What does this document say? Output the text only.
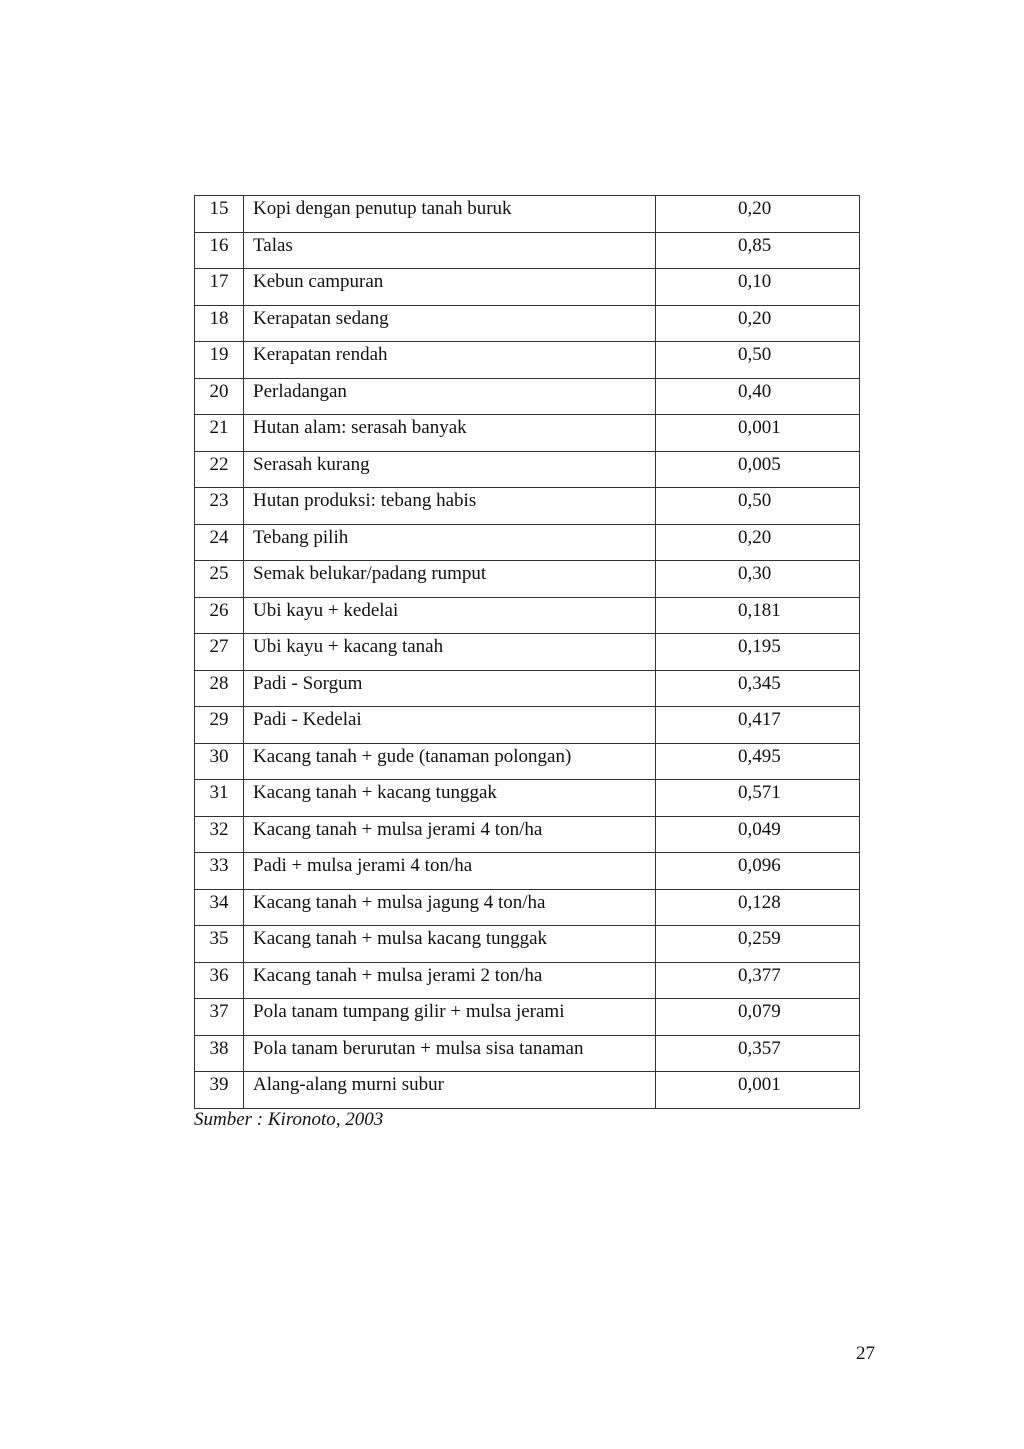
15	Kopi dengan penutup tanah buruk	0,20
16	Talas	0,85
17	Kebun campuran	0,10
18	Kerapatan sedang	0,20
19	Kerapatan rendah	0,50
20	Perladangan	0,40
21	Hutan alam: serasah banyak	0,001
22	Serasah kurang	0,005
23	Hutan produksi: tebang habis	0,50
24	Tebang pilih	0,20
25	Semak belukar/padang rumput	0,30
26	Ubi kayu + kedelai	0,181
27	Ubi kayu + kacang tanah	0,195
28	Padi - Sorgum	0,345
29	Padi - Kedelai	0,417
30	Kacang tanah + gude (tanaman polongan)	0,495
31	Kacang tanah + kacang tunggak	0,571
32	Kacang tanah + mulsa jerami 4 ton/ha	0,049
33	Padi + mulsa jerami 4 ton/ha	0,096
34	Kacang tanah + mulsa jagung 4 ton/ha	0,128
35	Kacang tanah + mulsa kacang tunggak	0,259
36	Kacang tanah + mulsa jerami 2 ton/ha	0,377
37	Pola tanam tumpang gilir + mulsa jerami	0,079
38	Pola tanam berurutan + mulsa sisa tanaman	0,357
39	Alang-alang murni subur	0,001
Sumber : Kironoto, 2003
27
